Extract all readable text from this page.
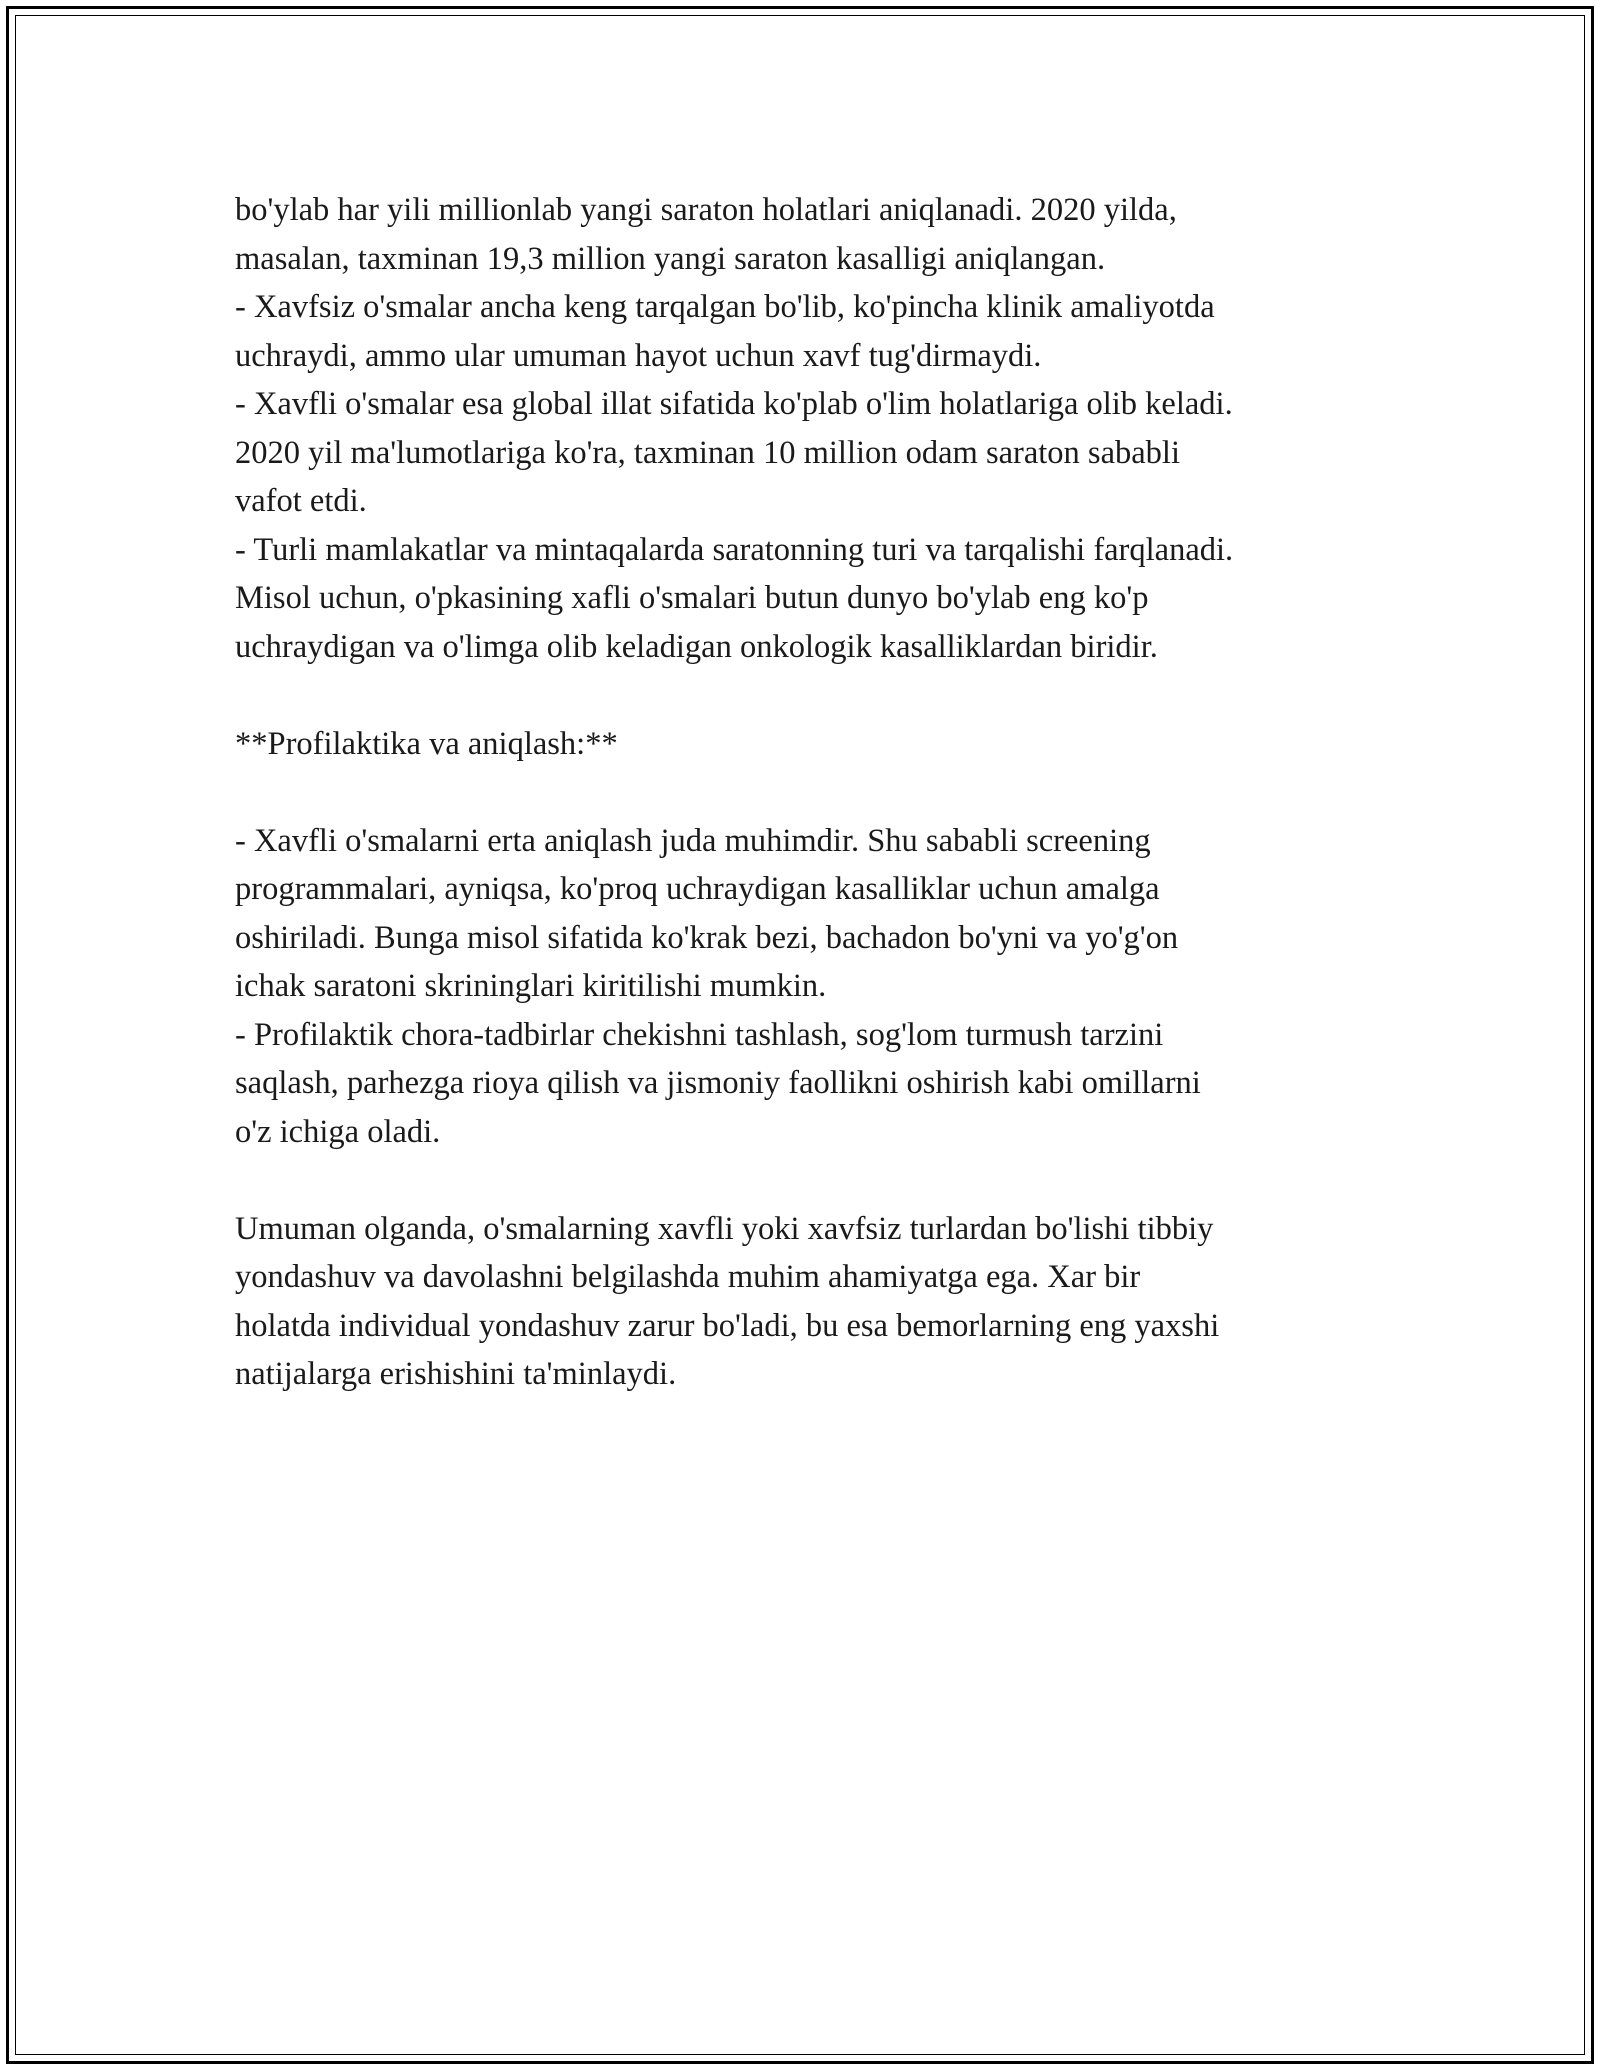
bo'ylab har yili millionlab yangi saraton holatlari aniqlanadi. 2020 yilda,
masalan, taxminan 19,3 million yangi saraton kasalligi aniqlangan.
- Xavfsiz o'smalar ancha keng tarqalgan bo'lib, ko'pincha klinik amaliyotda
uchraydi, ammo ular umuman hayot uchun xavf tug'dirmaydi.
- Xavfli o'smalar esa global illat sifatida ko'plab o'lim holatlariga olib keladi.
2020 yil ma'lumotlariga ko'ra, taxminan 10 million odam saraton sababli
vafot etdi.
- Turli mamlakatlar va mintaqalarda saratonning turi va tarqalishi farqlanadi.
Misol uchun, o'pkasining xafli o'smalari butun dunyo bo'ylab eng ko'p
uchraydigan va o'limga olib keladigan onkologik kasalliklardan biridir.
**Profilaktika va aniqlash:**
- Xavfli o'smalarni erta aniqlash juda muhimdir. Shu sababli screening
programmalari, ayniqsa, ko'proq uchraydigan kasalliklar uchun amalga
oshiriladi. Bunga misol sifatida ko'krak bezi, bachadon bo'yni va yo'g'on
ichak saratoni skrininglari kiritilishi mumkin.
- Profilaktik chora-tadbirlar chekishni tashlash, sog'lom turmush tarzini
saqlash, parhezga rioya qilish va jismoniy faollikni oshirish kabi omillarni
o'z ichiga oladi.
Umuman olganda, o'smalarning xavfli yoki xavfsiz turlardan bo'lishi tibbiy
yondashuv va davolashni belgilashda muhim ahamiyatga ega. Xar bir
holatda individual yondashuv zarur bo'ladi, bu esa bemorlarning eng yaxshi
natijalarga erishishini ta'minlaydi.
